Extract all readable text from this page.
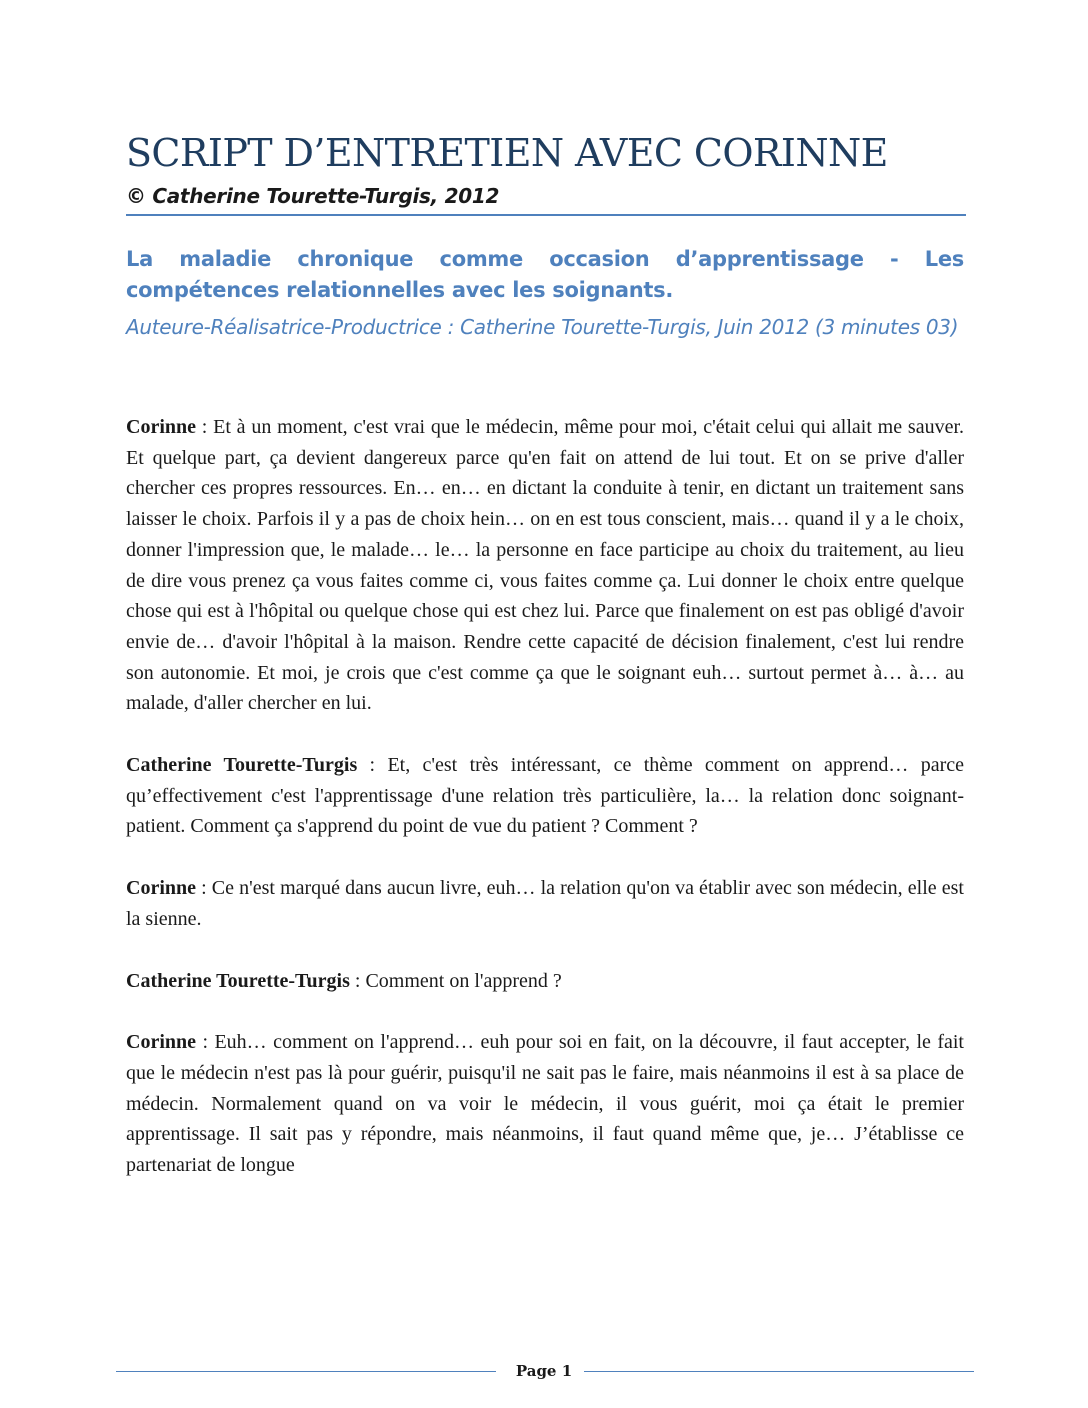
SCRIPT D’ENTRETIEN AVEC CORINNE
© Catherine Tourette-Turgis, 2012
La maladie chronique comme occasion d’apprentissage - Les compétences relationnelles avec les soignants.
Auteure-Réalisatrice-Productrice : Catherine Tourette-Turgis, Juin 2012 (3 minutes 03)

Corinne : Et à un moment, c'est vrai que le médecin, même pour moi, c'était celui qui allait me sauver. Et quelque part, ça devient dangereux parce qu'en fait on attend de lui tout. Et on se prive d'aller chercher ces propres ressources. En… en… en dictant la conduite à tenir, en dictant un traitement sans laisser le choix. Parfois il y a pas de choix hein… on en est tous conscient, mais… quand il y a le choix, donner l'impression que, le malade… le… la personne en face participe au choix du traitement, au lieu de dire vous prenez ça vous faites comme ci, vous faites comme ça. Lui donner le choix entre quelque chose qui est à l'hôpital ou quelque chose qui est chez lui. Parce que finalement on est pas obligé d'avoir envie de… d'avoir l'hôpital à la maison. Rendre cette capacité de décision finalement, c'est lui rendre son autonomie. Et moi, je crois que c'est comme ça que le soignant euh… surtout permet à… à… au malade, d'aller chercher en lui.

Catherine Tourette-Turgis : Et, c'est très intéressant, ce thème comment on apprend… parce qu’effectivement c'est l'apprentissage d'une relation très particulière, la… la relation donc soignant-patient. Comment ça s'apprend du point de vue du patient ? Comment ?

Corinne : Ce n'est marqué dans aucun livre, euh… la relation qu'on va établir avec son médecin, elle est la sienne.

Catherine Tourette-Turgis : Comment on l'apprend ?

Corinne : Euh… comment on l'apprend… euh pour soi en fait, on la découvre, il faut accepter, le fait que le médecin n'est pas là pour guérir, puisqu'il ne sait pas le faire, mais néanmoins il est à sa place de médecin. Normalement quand on va voir le médecin, il vous guérit, moi ça était le premier apprentissage. Il sait pas y répondre, mais néanmoins, il faut quand même que, je… J’établisse ce partenariat de longue

Page 1
